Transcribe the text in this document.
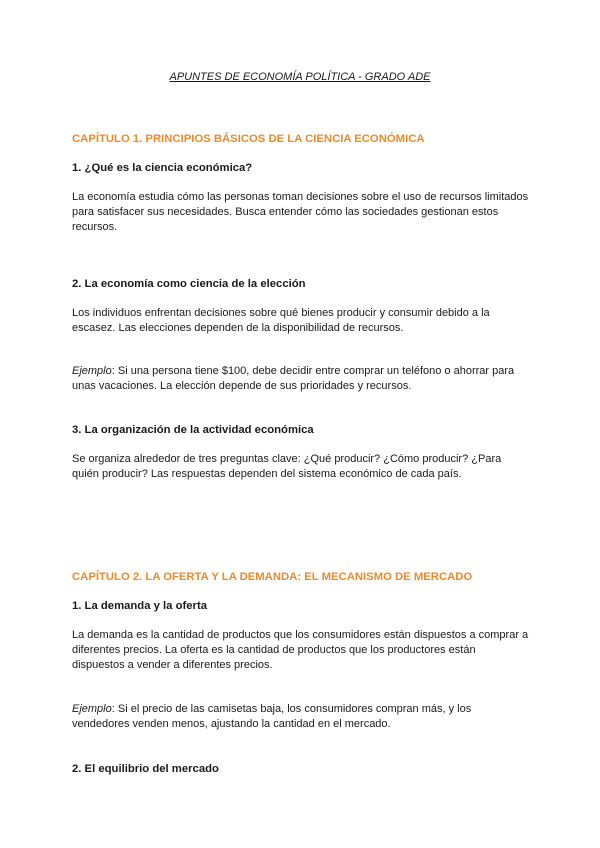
APUNTES DE ECONOMÍA POLÍTICA - GRADO ADE
CAPÍTULO 1. PRINCIPIOS BÁSICOS DE LA CIENCIA ECONÓMICA
1. ¿Qué es la ciencia económica?
La economía estudia cómo las personas toman decisiones sobre el uso de recursos limitados para satisfacer sus necesidades. Busca entender cómo las sociedades gestionan estos recursos.
2. La economía como ciencia de la elección
Los individuos enfrentan decisiones sobre qué bienes producir y consumir debido a la escasez. Las elecciones dependen de la disponibilidad de recursos.
Ejemplo: Si una persona tiene $100, debe decidir entre comprar un teléfono o ahorrar para unas vacaciones. La elección depende de sus prioridades y recursos.
3. La organización de la actividad económica
Se organiza alrededor de tres preguntas clave: ¿Qué producir? ¿Cómo producir? ¿Para quién producir? Las respuestas dependen del sistema económico de cada país.
CAPÍTULO 2. LA OFERTA Y LA DEMANDA: EL MECANISMO DE MERCADO
1. La demanda y la oferta
La demanda es la cantidad de productos que los consumidores están dispuestos a comprar a diferentes precios. La oferta es la cantidad de productos que los productores están dispuestos a vender a diferentes precios.
Ejemplo: Si el precio de las camisetas baja, los consumidores compran más, y los vendedores venden menos, ajustando la cantidad en el mercado.
2. El equilibrio del mercado
